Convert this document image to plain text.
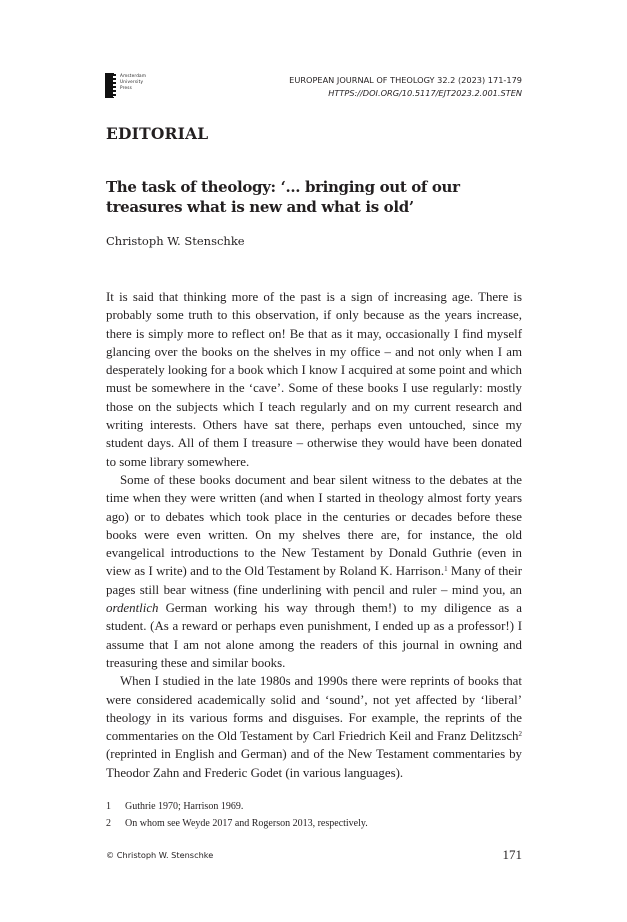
Amsterdam
University
Press
EUROPEAN JOURNAL OF THEOLOGY 32.2 (2023) 171-179
HTTPS://DOI.ORG/10.5117/EJT2023.2.001.STEN
EDITORIAL
The task of theology: ‘… bringing out of our treasures what is new and what is old’
Christoph W. Stenschke

It is said that thinking more of the past is a sign of increasing age. There is probably some truth to this observation, if only because as the years increase, there is simply more to reflect on! Be that as it may, occasionally I find myself glancing over the books on the shelves in my office – and not only when I am desperately looking for a book which I know I acquired at some point and which must be somewhere in the ‘cave’. Some of these books I use regularly: mostly those on the subjects which I teach regularly and on my current research and writing interests. Others have sat there, perhaps even untouched, since my student days. All of them I treasure – otherwise they would have been donated to some library somewhere.

Some of these books document and bear silent witness to the debates at the time when they were written (and when I started in theology almost forty years ago) or to debates which took place in the centuries or decades before these books were even written. On my shelves there are, for instance, the old evangelical introductions to the New Testament by Donald Guthrie (even in view as I write) and to the Old Testament by Roland K. Harrison.$^1$ Many of their pages still bear witness (fine underlining with pencil and ruler – mind you, an ordentlich German working his way through them!) to my diligence as a student. (As a reward or perhaps even punishment, I ended up as a professor!) I assume that I am not alone among the readers of this journal in owning and treasuring these and similar books.

When I studied in the late 1980s and 1990s there were reprints of books that were considered academically solid and ‘sound’, not yet affected by ‘liberal’ theology in its various forms and disguises. For example, the reprints of the commentaries on the Old Testament by Carl Friedrich Keil and Franz Delitzsch$^2$ (reprinted in English and German) and of the New Testament commentaries by Theodor Zahn and Frederic Godet (in various languages).

1	Guthrie 1970; Harrison 1969.
2	On whom see Weyde 2017 and Rogerson 2013, respectively.
© Christoph W. Stenschke	171
